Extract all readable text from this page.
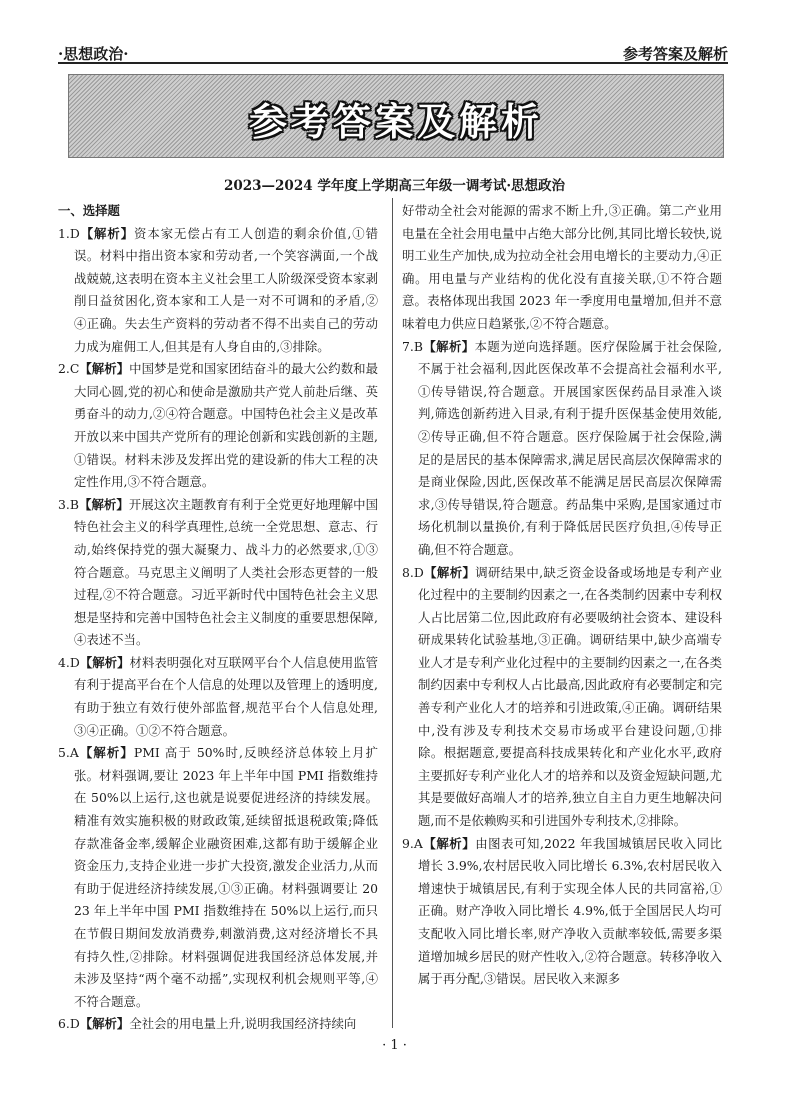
·思想政治·	参考答案及解析
参考答案及解析
2023—2024 学年度上学期高三年级一调考试·思想政治
一、选择题

1.D【解析】资本家无偿占有工人创造的剩余价值,①错误。材料中指出资本家和劳动者,一个笑容满面,一个战战兢兢,这表明在资本主义社会里工人阶级深受资本家剥削日益贫困化,资本家和工人是一对不可调和的矛盾,②④正确。失去生产资料的劳动者不得不出卖自己的劳动力成为雇佣工人,但其是有人身自由的,③排除。

2.C【解析】中国梦是党和国家团结奋斗的最大公约数和最大同心圆,党的初心和使命是激励共产党人前赴后继、英勇奋斗的动力,②④符合题意。中国特色社会主义是改革开放以来中国共产党所有的理论创新和实践创新的主题,①错误。材料未涉及发挥出党的建设新的伟大工程的决定性作用,③不符合题意。

3.B【解析】开展这次主题教育有利于全党更好地理解中国特色社会主义的科学真理性,总统一全党思想、意志、行动,始终保持党的强大凝聚力、战斗力的必然要求,①③符合题意。马克思主义阐明了人类社会形态更替的一般过程,②不符合题意。习近平新时代中国特色社会主义思想是坚持和完善中国特色社会主义制度的重要思想保障,④表述不当。

4.D【解析】材料表明强化对互联网平台个人信息使用监管有利于提高平台在个人信息的处理以及管理上的透明度,有助于独立有效行使外部监督,规范平台个人信息处理,③④正确。①②不符合题意。

5.A【解析】PMI 高于 50%时,反映经济总体较上月扩张。材料强调,要让 2023 年上半年中国 PMI 指数维持在 50%以上运行,这也就是说要促进经济的持续发展。精准有效实施积极的财政政策,延续留抵退税政策;降低存款准备金率,缓解企业融资困难,这都有助于缓解企业资金压力,支持企业进一步扩大投资,激发企业活力,从而有助于促进经济持续发展,①③正确。材料强调要让 2023 年上半年中国 PMI 指数维持在 50%以上运行,而只在节假日期间发放消费券,刺激消费,这对经济增长不具有持久性,②排除。材料强调促进我国经济总体发展,并未涉及坚持“两个毫不动摇”,实现权利机会规则平等,④不符合题意。

6.D【解析】全社会的用电量上升,说明我国经济持续向

好带动全社会对能源的需求不断上升,③正确。第二产业用电量在全社会用电量中占绝大部分比例,其同比增长较快,说明工业生产加快,成为拉动全社会用电增长的主要动力,④正确。用电量与产业结构的优化没有直接关联,①不符合题意。表格体现出我国 2023 年一季度用电量增加,但并不意味着电力供应日趋紧张,②不符合题意。

7.B【解析】本题为逆向选择题。医疗保险属于社会保险,不属于社会福利,因此医保改革不会提高社会福利水平,①传导错误,符合题意。开展国家医保药品目录准入谈判,筛选创新药进入目录,有利于提升医保基金使用效能,②传导正确,但不符合题意。医疗保险属于社会保险,满足的是居民的基本保障需求,满足居民高层次保障需求的是商业保险,因此,医保改革不能满足居民高层次保障需求,③传导错误,符合题意。药品集中采购,是国家通过市场化机制以量换价,有利于降低居民医疗负担,④传导正确,但不符合题意。

8.D【解析】调研结果中,缺乏资金设备或场地是专利产业化过程中的主要制约因素之一,在各类制约因素中专利权人占比居第二位,因此政府有必要吸纳社会资本、建设科研成果转化试验基地,③正确。调研结果中,缺少高端专业人才是专利产业化过程中的主要制约因素之一,在各类制约因素中专利权人占比最高,因此政府有必要制定和完善专利产业化人才的培养和引进政策,④正确。调研结果中,没有涉及专利技术交易市场或平台建设问题,①排除。根据题意,要提高科技成果转化和产业化水平,政府主要抓好专利产业化人才的培养和以及资金短缺问题,尤其是要做好高端人才的培养,独立自主自力更生地解决问题,而不是依赖购买和引进国外专利技术,②排除。

9.A【解析】由图表可知,2022 年我国城镇居民收入同比增长 3.9%,农村居民收入同比增长 6.3%,农村居民收入增速快于城镇居民,有利于实现全体人民的共同富裕,①正确。财产净收入同比增长 4.9%,低于全国居民人均可支配收入同比增长率,财产净收入贡献率较低,需要多渠道增加城乡居民的财产性收入,②符合题意。转移净收入属于再分配,③错误。居民收入来源多

· 1 ·
